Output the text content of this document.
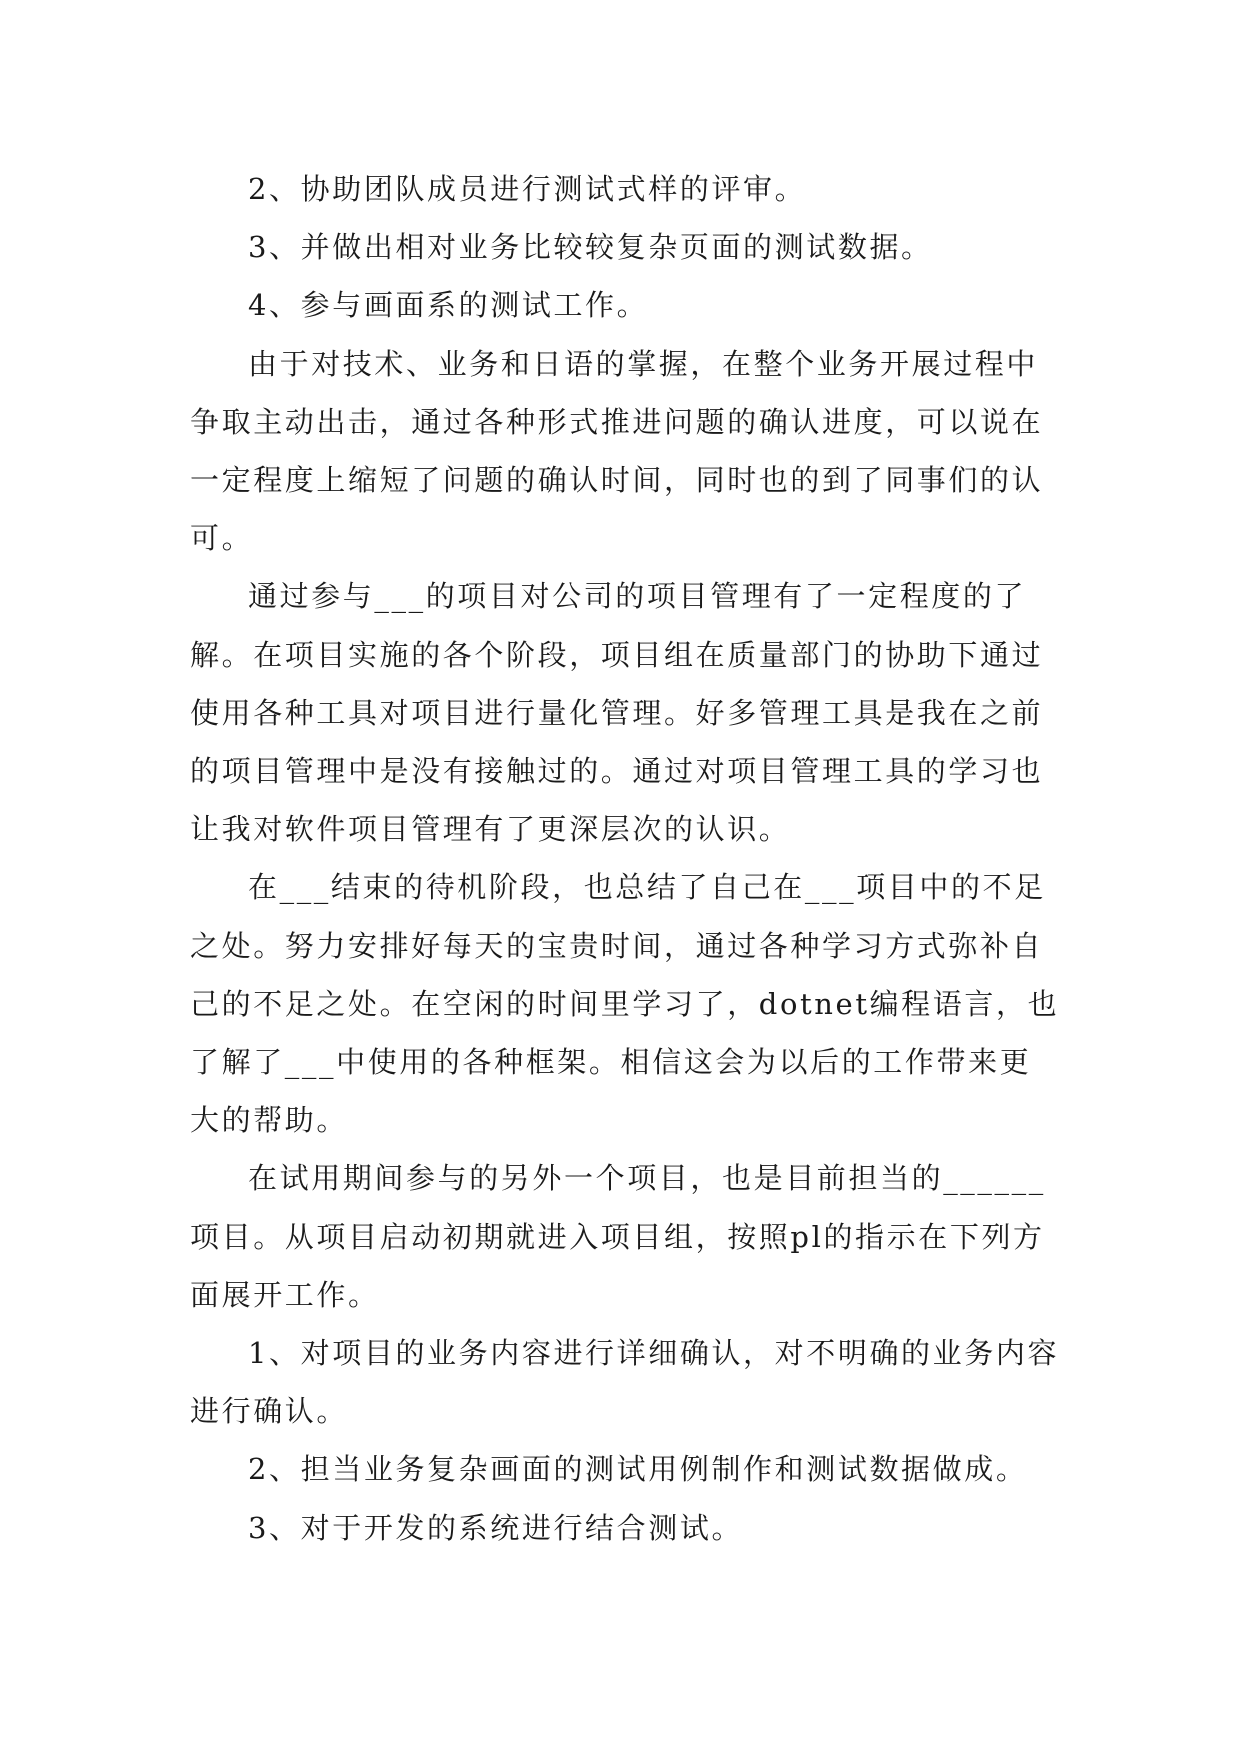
2、协助团队成员进行测试式样的评审。

3、并做出相对业务比较较复杂页面的测试数据。

4、参与画面系的测试工作。

由于对技术、业务和日语的掌握，在整个业务开展过程中争取主动出击，通过各种形式推进问题的确认进度，可以说在一定程度上缩短了问题的确认时间，同时也的到了同事们的认可。

通过参与___的项目对公司的项目管理有了一定程度的了解。在项目实施的各个阶段，项目组在质量部门的协助下通过使用各种工具对项目进行量化管理。好多管理工具是我在之前的项目管理中是没有接触过的。通过对项目管理工具的学习也让我对软件项目管理有了更深层次的认识。

在___结束的待机阶段，也总结了自己在___项目中的不足之处。努力安排好每天的宝贵时间，通过各种学习方式弥补自己的不足之处。在空闲的时间里学习了，dotnet编程语言，也了解了___中使用的各种框架。相信这会为以后的工作带来更大的帮助。

在试用期间参与的另外一个项目，也是目前担当的______项目。从项目启动初期就进入项目组，按照pl的指示在下列方面展开工作。

1、对项目的业务内容进行详细确认，对不明确的业务内容进行确认。

2、担当业务复杂画面的测试用例制作和测试数据做成。

3、对于开发的系统进行结合测试。
